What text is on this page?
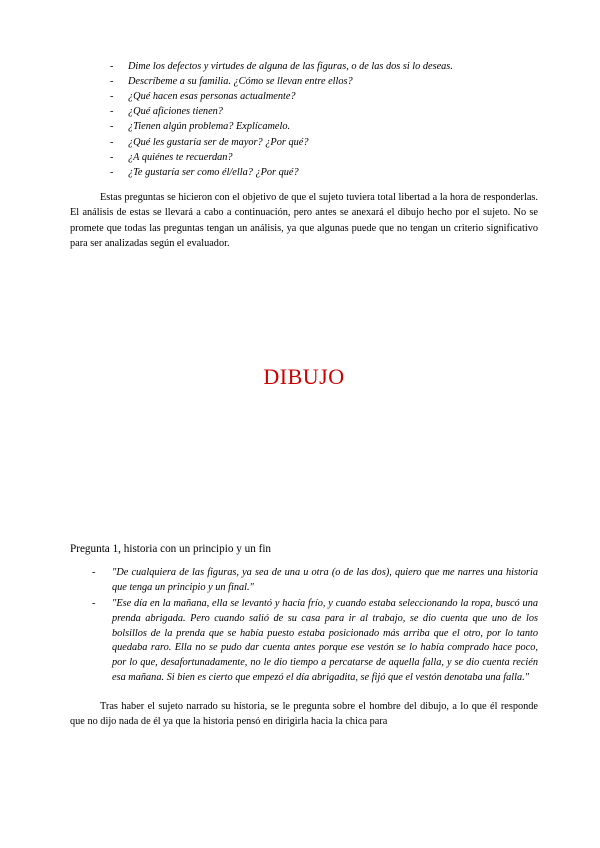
- Dime los defectos y virtudes de alguna de las figuras, o de las dos si lo deseas.
- Descríbeme a su familia. ¿Cómo se llevan entre ellos?
- ¿Qué hacen esas personas actualmente?
- ¿Qué aficiones tienen?
- ¿Tienen algún problema? Explícamelo.
- ¿Qué les gustaría ser de mayor? ¿Por qué?
- ¿A quiénes te recuerdan?
- ¿Te gustaría ser como él/ella? ¿Por qué?

Estas preguntas se hicieron con el objetivo de que el sujeto tuviera total libertad a la hora de responderlas. El análisis de estas se llevará a cabo a continuación, pero antes se anexará el dibujo hecho por el sujeto. No se promete que todas las preguntas tengan un análisis, ya que algunas puede que no tengan un criterio significativo para ser analizadas según el evaluador.

DIBUJO

Pregunta 1, historia con un principio y un fin

- "De cualquiera de las figuras, ya sea de una u otra (o de las dos), quiero que me narres una historia que tenga un principio y un final."
- "Ese día en la mañana, ella se levantó y hacía frío, y cuando estaba seleccionando la ropa, buscó una prenda abrigada. Pero cuando salió de su casa para ir al trabajo, se dio cuenta que uno de los bolsillos de la prenda que se había puesto estaba posicionado más arriba que el otro, por lo tanto quedaba raro. Ella no se pudo dar cuenta antes porque ese vestón se lo había comprado hace poco, por lo que, desafortunadamente, no le dio tiempo a percatarse de aquella falla, y se dio cuenta recién esa mañana. Si bien es cierto que empezó el día abrigadita, se fijó que el vestón denotaba una falla."

Tras haber el sujeto narrado su historia, se le pregunta sobre el hombre del dibujo, a lo que él responde que no dijo nada de él ya que la historia pensó en dirigirla hacia la chica para
